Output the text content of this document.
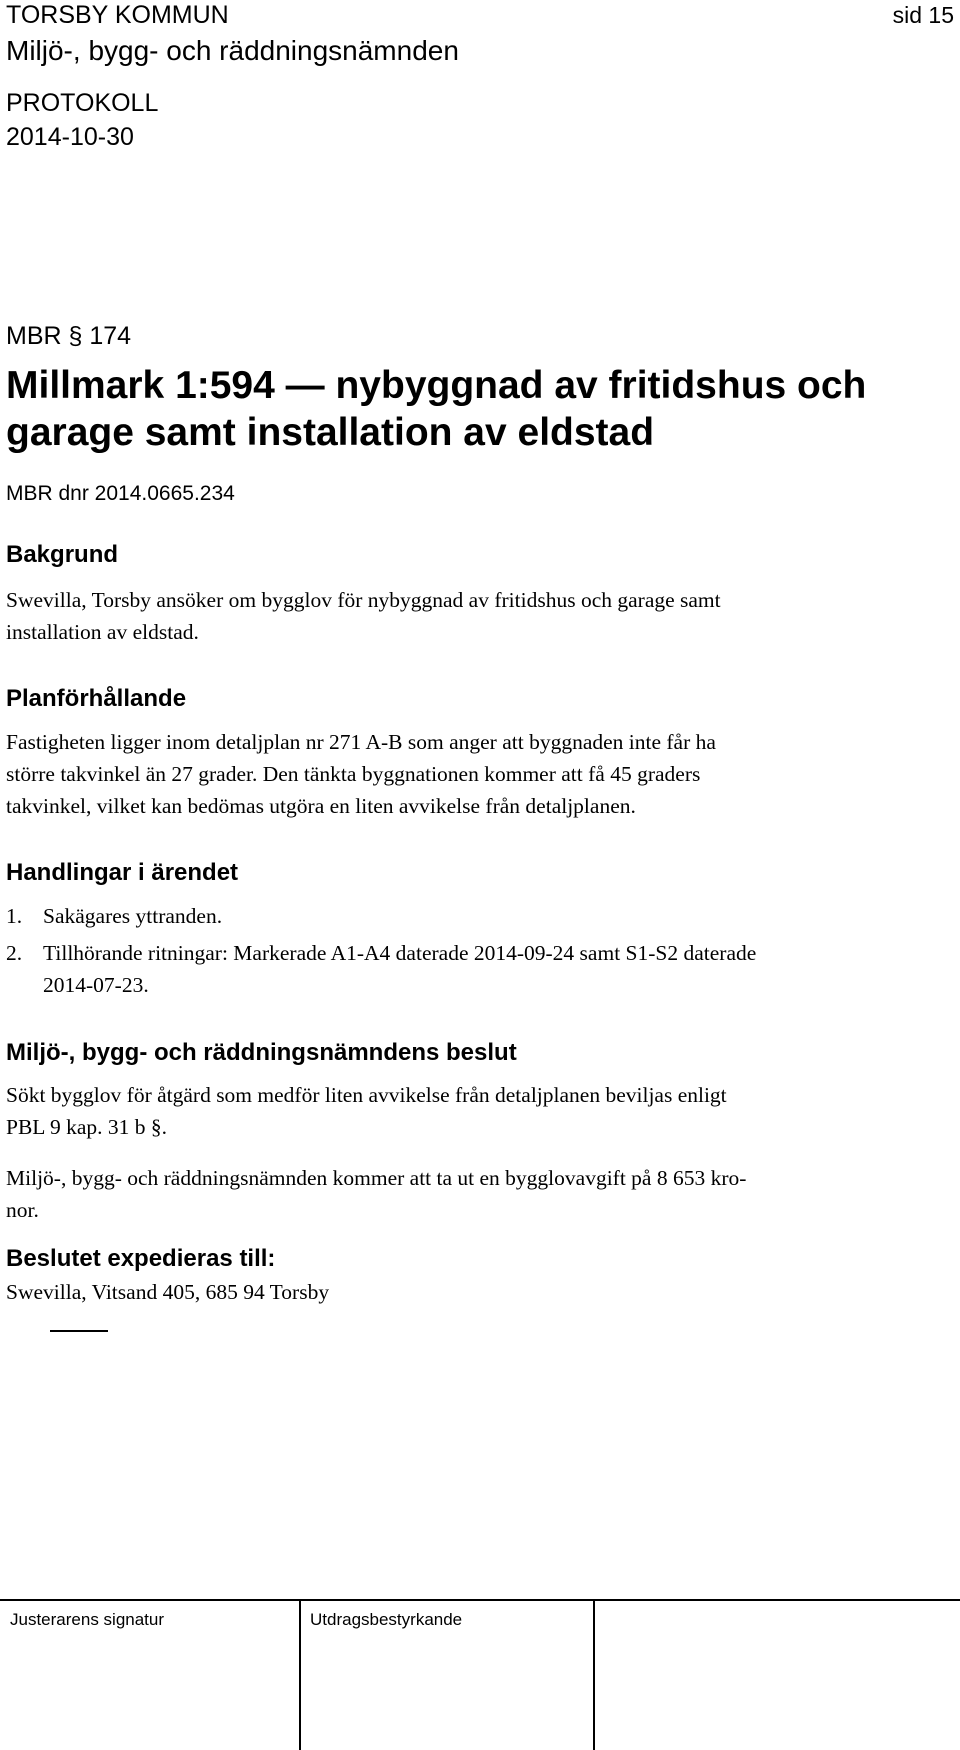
TORSBY KOMMUN	sid 15
Miljö-, bygg- och räddningsnämnden
PROTOKOLL
2014-10-30
MBR § 174
Millmark 1:594 — nybyggnad av fritidshus och
garage samt installation av eldstad
MBR dnr 2014.0665.234
Bakgrund
Swevilla, Torsby ansöker om bygglov för nybyggnad av fritidshus och garage samt
installation av eldstad.
Planförhållande
Fastigheten ligger inom detaljplan nr 271 A-B som anger att byggnaden inte får ha
större takvinkel än 27 grader. Den tänkta byggnationen kommer att få 45 graders
takvinkel, vilket kan bedömas utgöra en liten avvikelse från detaljplanen.
Handlingar i ärendet
1. Sakägares yttranden.
2. Tillhörande ritningar: Markerade A1-A4 daterade 2014-09-24 samt S1-S2 daterade
2014-07-23.
Miljö-, bygg- och räddningsnämndens beslut
Sökt bygglov för åtgärd som medför liten avvikelse från detaljplanen beviljas enligt
PBL 9 kap. 31 b §.
Miljö-, bygg- och räddningsnämnden kommer att ta ut en bygglovavgift på 8 653 kro-
nor.
Beslutet expedieras till:
Swevilla, Vitsand 405, 685 94 Torsby
Justerarens signatur	Utdragsbestyrkande
